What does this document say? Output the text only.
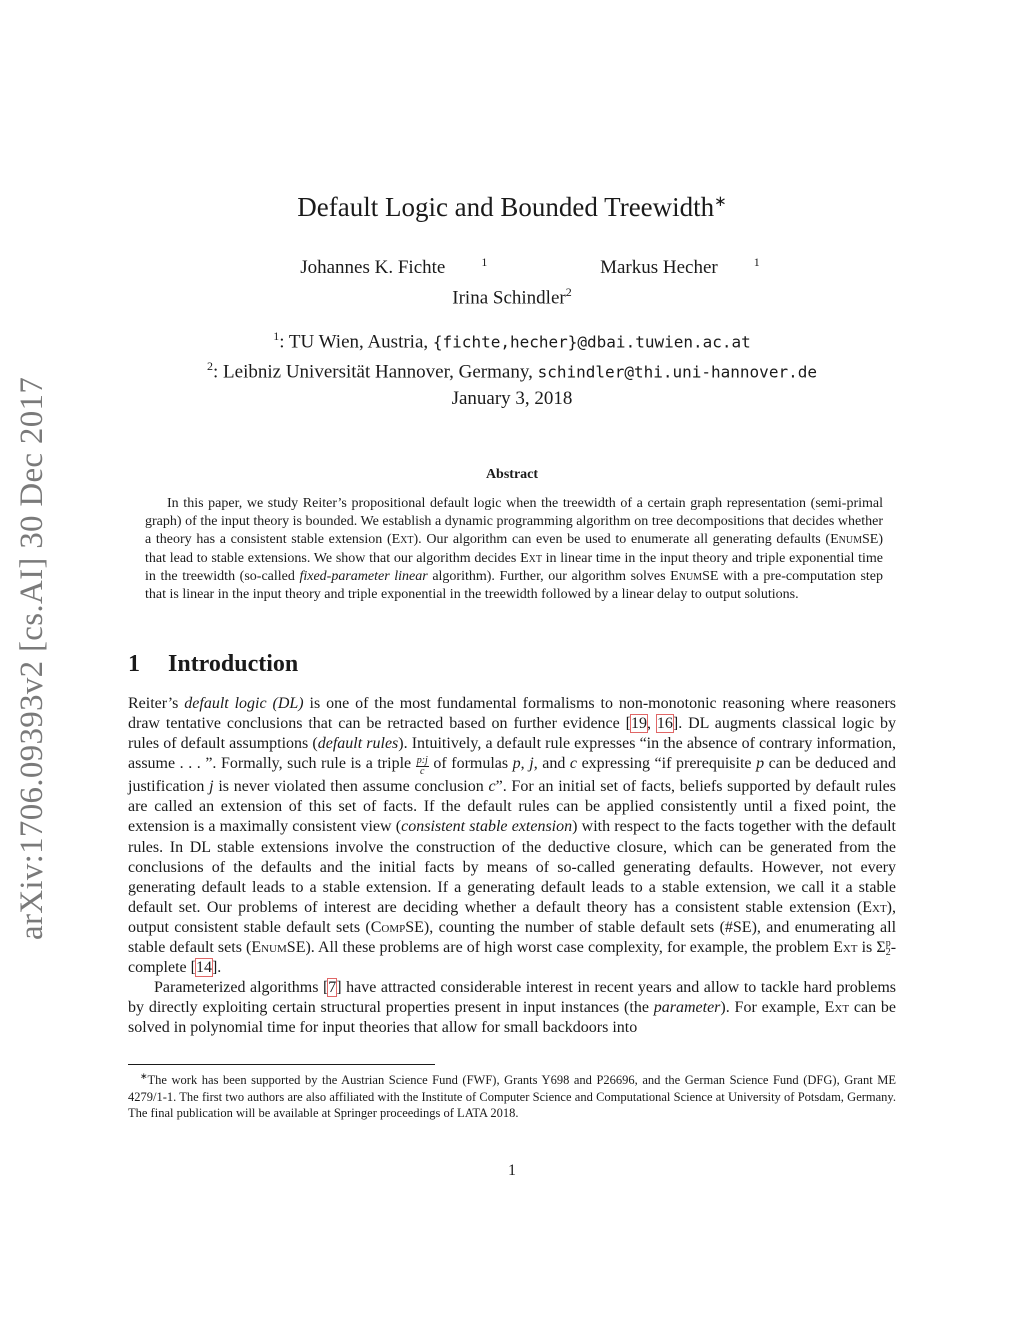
arXiv:1706.09393v2 [cs.AI] 30 Dec 2017
Default Logic and Bounded Treewidth∗
Johannes K. Fichte	$^1$	Markus Hecher	$^1$
Irina Schindler$^2$
$^1$: TU Wien, Austria, {fichte,hecher}@dbai.tuwien.ac.at
$^2$: Leibniz Universität Hannover, Germany, schindler@thi.uni-hannover.de
January 3, 2018
Abstract
In this paper, we study Reiter’s propositional default logic when the treewidth of a certain graph representation (semi-primal graph) of the input theory is bounded. We establish a dynamic programming algorithm on tree decompositions that decides whether a theory has a consistent stable extension (Ext). Our algorithm can even be used to enumerate all generating defaults (EnumSE) that lead to stable extensions. We show that our algorithm decides Ext in linear time in the input theory and triple exponential time in the treewidth (so-called fixed-parameter linear algorithm). Further, our algorithm solves EnumSE with a pre-computation step that is linear in the input theory and triple exponential in the treewidth followed by a linear delay to output solutions.
1 Introduction

Reiter’s default logic (DL) is one of the most fundamental formalisms to non-monotonic reasoning where reasoners draw tentative conclusions that can be retracted based on further evidence [19, 16]. DL augments classical logic by rules of default assumptions (default rules). Intuitively, a default rule expresses “in the absence of contrary information, assume . . . ”. Formally, such rule is a triple $\frac{p:j}{c}$ of formulas p, j, and c expressing “if prerequisite p can be deduced and justification j is never violated then assume conclusion c”. For an initial set of facts, beliefs supported by default rules are called an extension of this set of facts. If the default rules can be applied consistently until a fixed point, the extension is a maximally consistent view (consistent stable extension) with respect to the facts together with the default rules. In DL stable extensions involve the construction of the deductive closure, which can be generated from the conclusions of the defaults and the initial facts by means of so-called generating defaults. However, not every generating default leads to a stable extension. If a generating default leads to a stable extension, we call it a stable default set. Our problems of interest are deciding whether a default theory has a consistent stable extension (Ext), output consistent stable default sets (CompSE), counting the number of stable default sets (#SE), and enumerating all stable default sets (EnumSE). All these problems are of high worst case complexity, for example, the problem Ext is Σ p
2 -complete [14].

Parameterized algorithms [7] have attracted considerable interest in recent years and allow to tackle hard problems by directly exploiting certain structural properties present in input instances (the parameter). For example, Ext can be solved in polynomial time for input theories that allow for small backdoors into

∗The work has been supported by the Austrian Science Fund (FWF), Grants Y698 and P26696, and the German Science Fund (DFG), Grant ME 4279/1-1. The first two authors are also affiliated with the Institute of Computer Science and Computational Science at University of Potsdam, Germany. The final publication will be available at Springer proceedings of LATA 2018.
1
